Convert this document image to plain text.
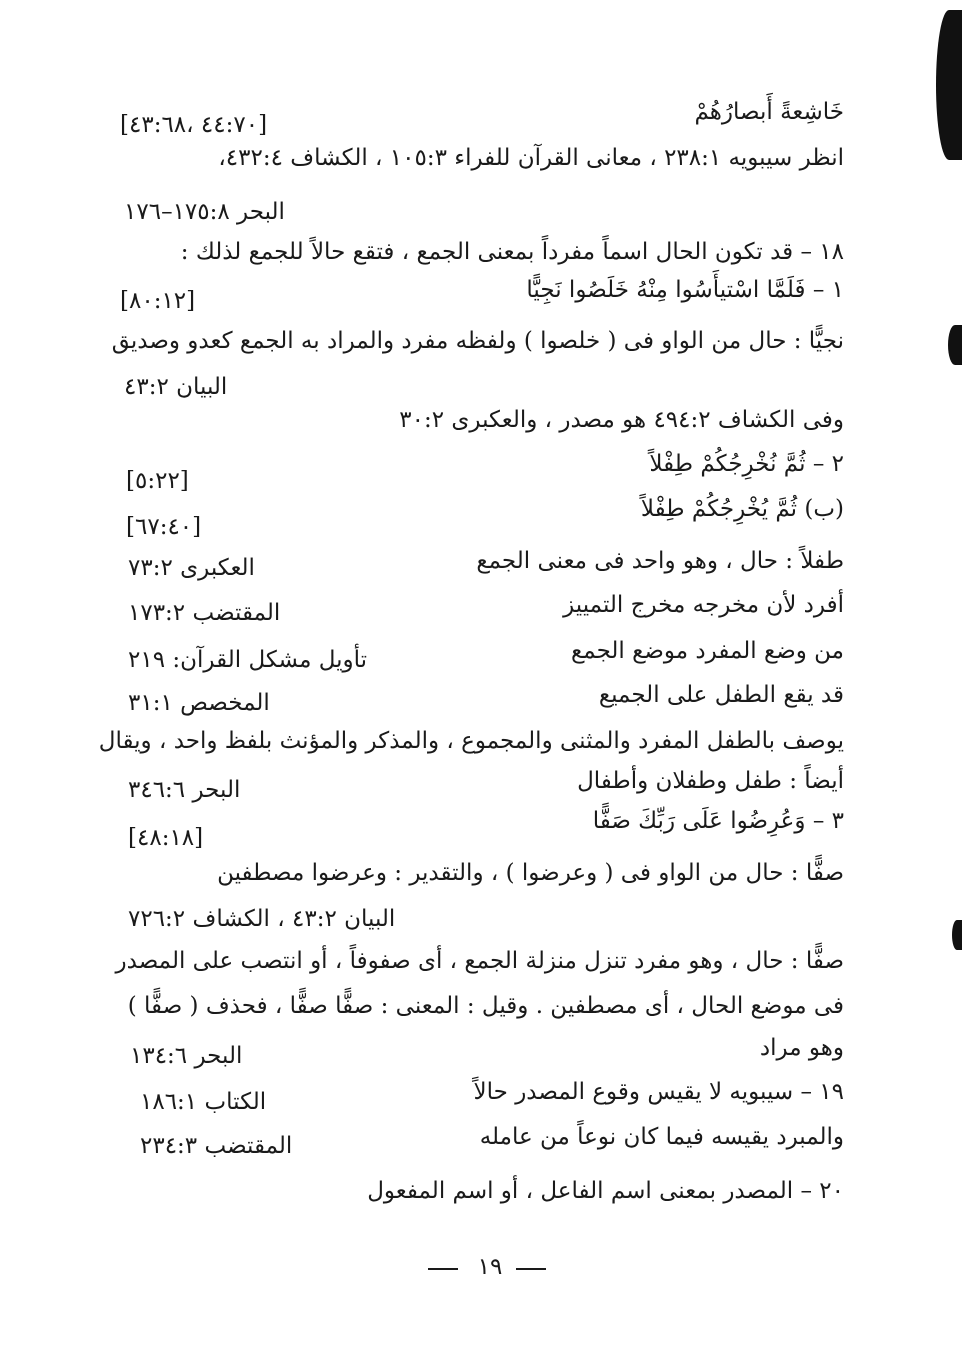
خَاشِعةً أَبصارُهُمْ
[٤٤:٧٠ ،٤٣:٦٨]
انظر سيبويه ٢٣٨:١ ، معانى القرآن للفراء ١٠٥:٣ ، الكشاف ٤٣٢:٤،
البحر ١٧٥:٨–١٧٦
١٨ – قد تكون الحال اسماً مفرداً بمعنى الجمع ، فتقع حالاً للجمع لذلك :
١ – فَلَمَّا اسْتيأَسُوا مِنْهُ خَلَصُوا نَجِيًّا
[٨٠:١٢]
نجيًّا : حال من الواو فى ( خلصوا ) ولفظه مفرد والمراد به الجمع كعدو وصديق
البيان ٤٣:٢
وفى الكشاف ٤٩٤:٢ هو مصدر ، والعكبرى ٣٠:٢
٢ – ثُمَّ نُخْرِجُكُمْ طِفْلاً
[٥:٢٢]
(ب) ثُمَّ يُخْرِجُكُمْ طِفْلاً
[٦٧:٤٠]
طفلاً : حال ، وهو واحد فى معنى الجمع
العكبرى ٧٣:٢
أفرد لأن مخرجه مخرج التمييز
المقتضب ١٧٣:٢
من وضع المفرد موضع الجمع
تأويل مشكل القرآن: ٢١٩
قد يقع الطفل على الجميع
المخصص ٣١:١
يوصف بالطفل المفرد والمثنى والمجموع ، والمذكر والمؤنث بلفظ واحد ، ويقال
أيضاً : طفل وطفلان وأطفال
البحر ٣٤٦:٦
٣ – وَعُرِضُوا عَلَى رَبِّكَ صَفًّا
[٤٨:١٨]
صفًّا : حال من الواو فى ( وعرضوا ) ، والتقدير : وعرضوا مصطفين
البيان ٤٣:٢ ، الكشاف ٧٢٦:٢
صفًّا : حال ، وهو مفرد تنزل منزلة الجمع ، أى صفوفاً ، أو انتصب على المصدر
فى موضع الحال ، أى مصطفين . وقيل : المعنى : صفًّا صفًّا ، فحذف ( صفًّا )
وهو مراد
البحر ١٣٤:٦
١٩ – سيبويه لا يقيس وقوع المصدر حالاً
الكتاب ١٨٦:١
والمبرد يقيسه فيما كان نوعاً من عامله
المقتضب ٢٣٤:٣
٢٠ – المصدر بمعنى اسم الفاعل ، أو اسم المفعول
١٩
